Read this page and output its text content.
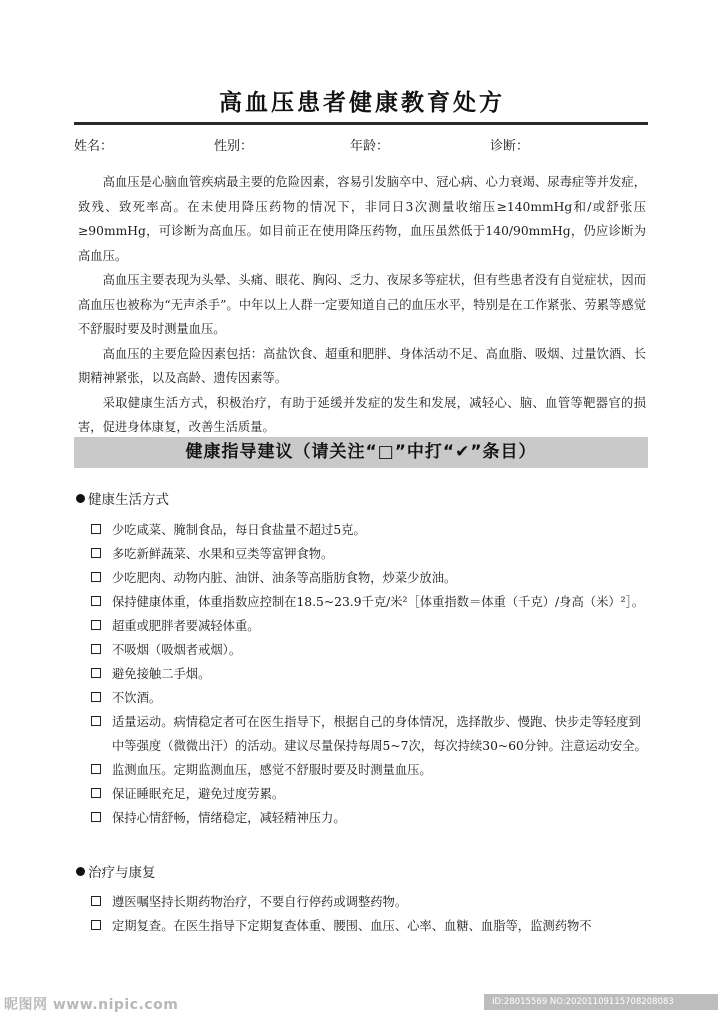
高血压患者健康教育处方
姓名：	性别：	年龄：	诊断：

高血压是心脑血管疾病最主要的危险因素，容易引发脑卒中、冠心病、心力衰竭、尿毒症等并发症，致残、致死率高。在未使用降压药物的情况下，非同日3次测量收缩压≥140mmHg和/或舒张压≥90mmHg，可诊断为高血压。如目前正在使用降压药物，血压虽然低于140/90mmHg，仍应诊断为高血压。

高血压主要表现为头晕、头痛、眼花、胸闷、乏力、夜尿多等症状，但有些患者没有自觉症状，因而高血压也被称为“无声杀手”。中年以上人群一定要知道自己的血压水平，特别是在工作紧张、劳累等感觉不舒服时要及时测量血压。

高血压的主要危险因素包括：高盐饮食、超重和肥胖、身体活动不足、高血脂、吸烟、过量饮酒、长期精神紧张，以及高龄、遗传因素等。

采取健康生活方式，积极治疗，有助于延缓并发症的发生和发展，减轻心、脑、血管等靶器官的损害，促进身体康复，改善生活质量。

健康指导建议（请关注“□”中打“✔”条目）
健康生活方式
少吃咸菜、腌制食品，每日食盐量不超过5克。
多吃新鲜蔬菜、水果和豆类等富钾食物。
少吃肥肉、动物内脏、油饼、油条等高脂肪食物，炒菜少放油。
保持健康体重，体重指数应控制在18.5~23.9千克/米²［体重指数＝体重（千克）/身高（米）²］。
超重或肥胖者要减轻体重。
不吸烟（吸烟者戒烟）。
避免接触二手烟。
不饮酒。
适量运动。病情稳定者可在医生指导下，根据自己的身体情况，选择散步、慢跑、快步走等轻度到中等强度（微微出汗）的活动。建议尽量保持每周5~7次，每次持续30~60分钟。注意运动安全。
监测血压。定期监测血压，感觉不舒服时要及时测量血压。
保证睡眠充足，避免过度劳累。
保持心情舒畅，情绪稳定，减轻精神压力。
治疗与康复
遵医嘱坚持长期药物治疗，不要自行停药或调整药物。
定期复查。在医生指导下定期复查体重、腰围、血压、心率、血糖、血脂等，监测药物不
昵图网 www.nipic.com	ID:28015569 NO:20201109115708208083
